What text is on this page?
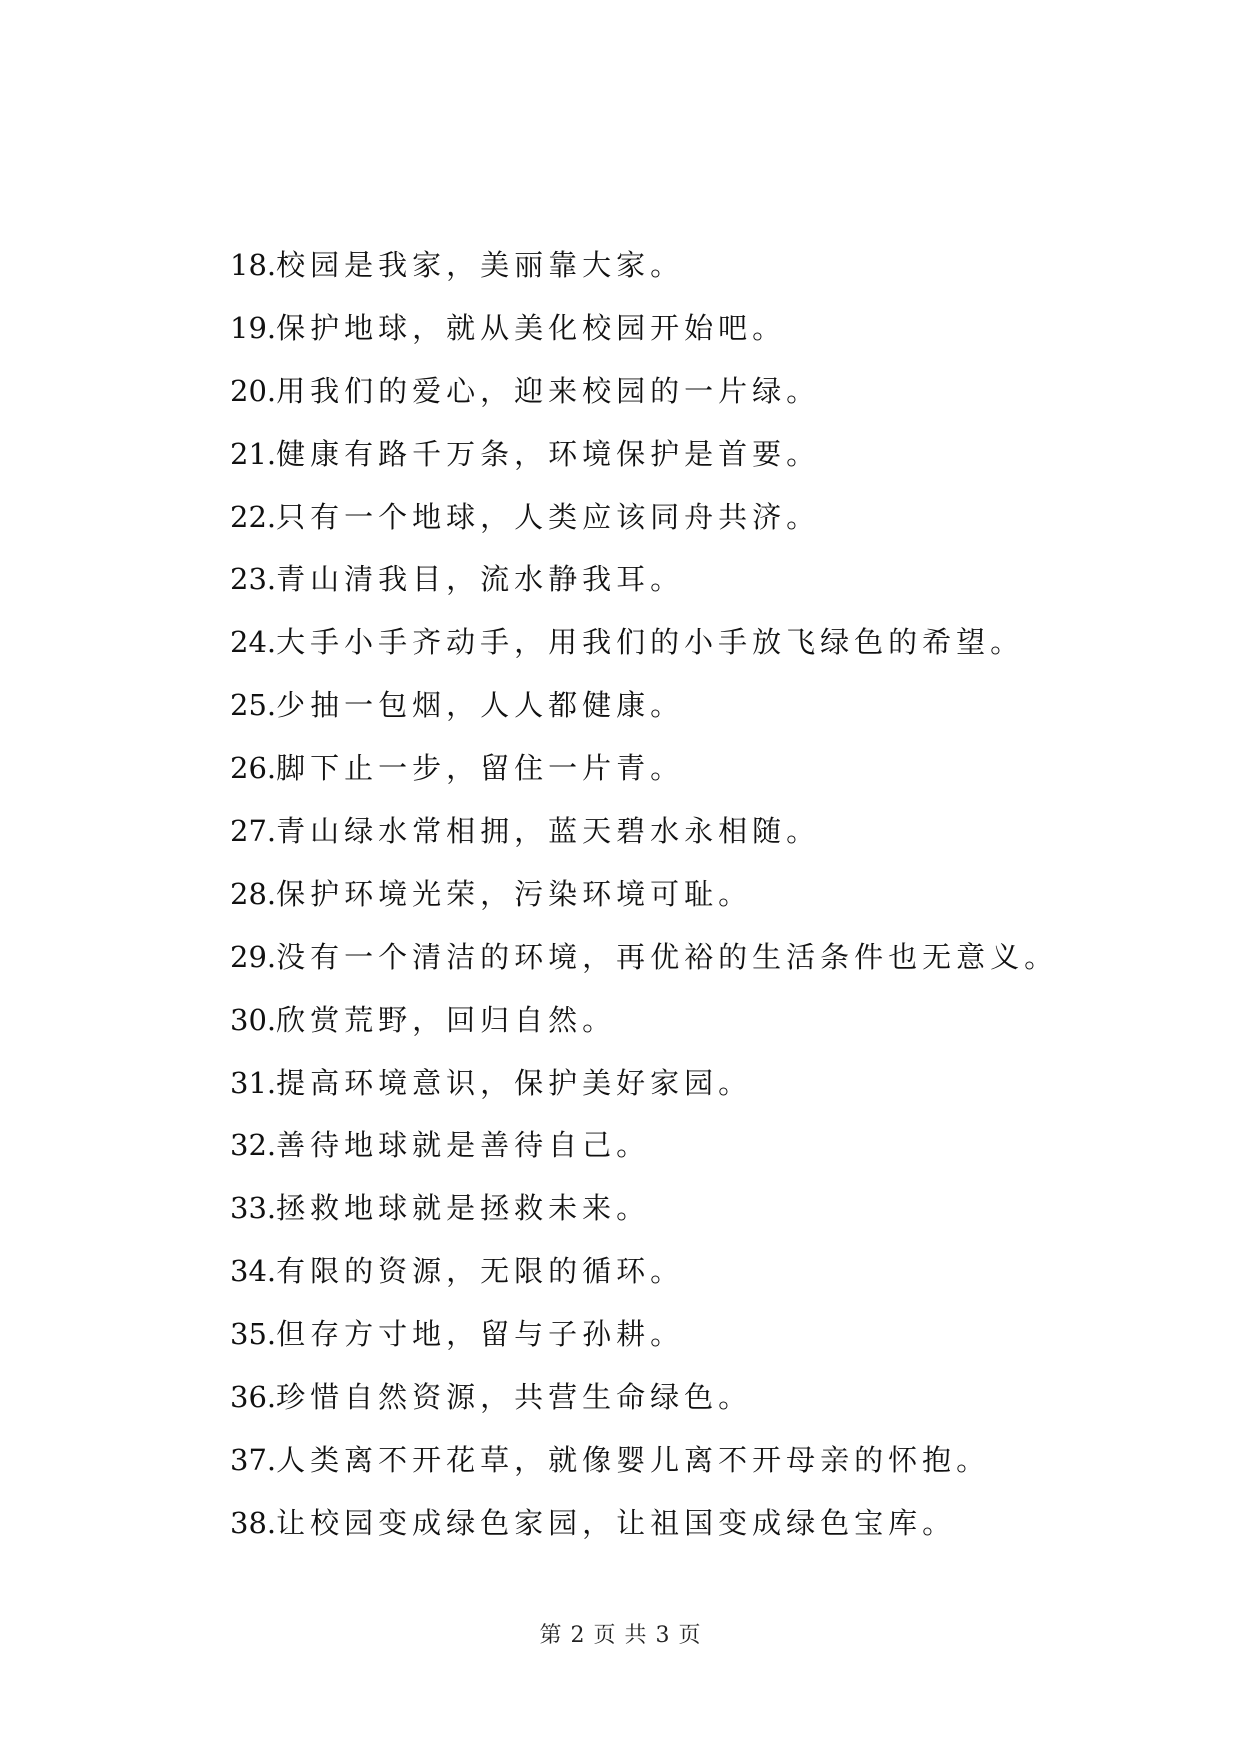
18.校园是我家，美丽靠大家。
19.保护地球，就从美化校园开始吧。
20.用我们的爱心，迎来校园的一片绿。
21.健康有路千万条，环境保护是首要。
22.只有一个地球，人类应该同舟共济。
23.青山清我目，流水静我耳。
24.大手小手齐动手，用我们的小手放飞绿色的希望。
25.少抽一包烟，人人都健康。
26.脚下止一步，留住一片青。
27.青山绿水常相拥，蓝天碧水永相随。
28.保护环境光荣，污染环境可耻。
29.没有一个清洁的环境，再优裕的生活条件也无意义。
30.欣赏荒野，回归自然。
31.提高环境意识，保护美好家园。
32.善待地球就是善待自己。
33.拯救地球就是拯救未来。
34.有限的资源，无限的循环。
35.但存方寸地，留与子孙耕。
36.珍惜自然资源，共营生命绿色。
37.人类离不开花草，就像婴儿离不开母亲的怀抱。
38.让校园变成绿色家园，让祖国变成绿色宝库。
第 2 页 共 3 页
